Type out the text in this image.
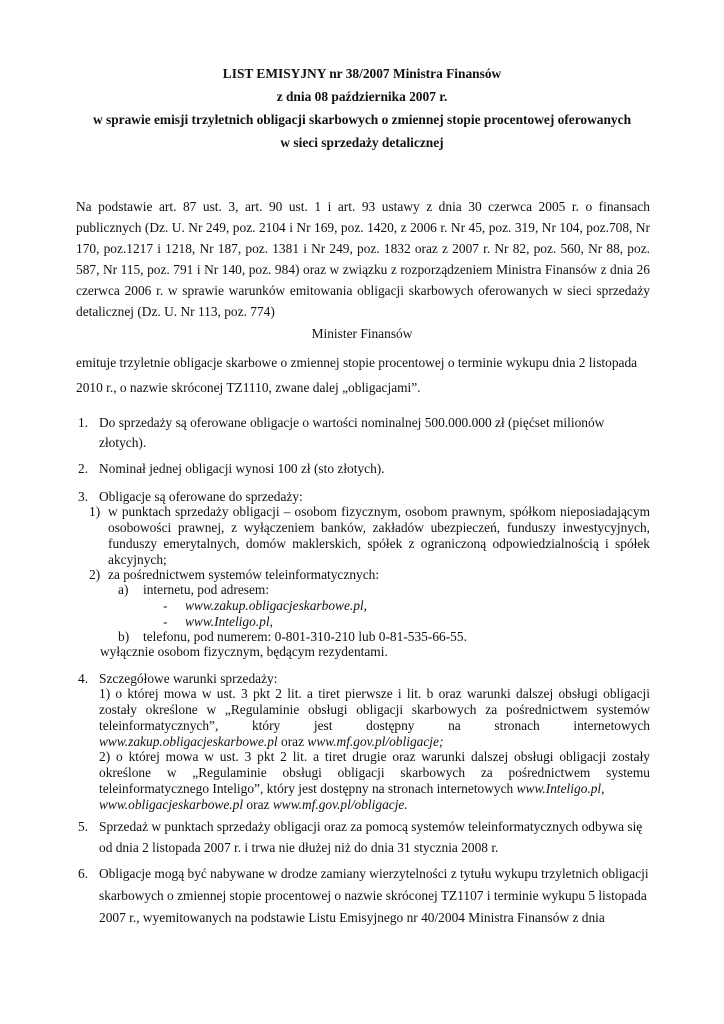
LIST EMISYJNY nr 38/2007 Ministra Finansów
z dnia 08 października 2007 r.
w sprawie emisji trzyletnich obligacji skarbowych o zmiennej stopie procentowej oferowanych
w sieci sprzedaży detalicznej
Na podstawie art. 87 ust. 3, art. 90 ust. 1 i art. 93 ustawy z dnia 30 czerwca 2005 r. o finansach
publicznych (Dz. U. Nr 249, poz. 2104 i Nr 169, poz. 1420, z 2006 r. Nr 45, poz. 319, Nr 104, poz.708, Nr
170, poz.1217 i 1218, Nr 187, poz. 1381 i Nr 249, poz. 1832 oraz z 2007 r. Nr 82, poz. 560, Nr 88, poz.
587, Nr 115, poz. 791 i Nr 140, poz. 984) oraz w związku z rozporządzeniem Ministra Finansów z dnia 26
czerwca 2006 r. w sprawie warunków emitowania obligacji skarbowych oferowanych w sieci sprzedaży
detalicznej (Dz. U. Nr 113, poz. 774)
Minister Finansów
emituje trzyletnie obligacje skarbowe o zmiennej stopie procentowej o terminie wykupu dnia 2 listopada
2010 r., o nazwie skróconej TZ1110, zwane dalej „obligacjami”.
1. Do sprzedaży są oferowane obligacje o wartości nominalnej 500.000.000 zł (pięćset milionów
złotych).
2. Nominał jednej obligacji wynosi 100 zł (sto złotych).
3. Obligacje są oferowane do sprzedaży:
1) w punktach sprzedaży obligacji – osobom fizycznym, osobom prawnym, spółkom nieposiadającym
osobowości prawnej, z wyłączeniem banków, zakładów ubezpieczeń, funduszy inwestycyjnych,
funduszy emerytalnych, domów maklerskich, spółek z ograniczoną odpowiedzialnością i spółek
akcyjnych;
2) za pośrednictwem systemów teleinformatycznych:
a) internetu, pod adresem:
- www.zakup.obligacjeskarbowe.pl,
- www.Inteligo.pl,
b) telefonu, pod numerem: 0-801-310-210 lub 0-81-535-66-55.
wyłącznie osobom fizycznym, będącym rezydentami.
4. Szczegółowe warunki sprzedaży:
1) o której mowa w ust. 3 pkt 2 lit. a tiret pierwsze i lit. b oraz warunki dalszej obsługi obligacji
zostały określone w „Regulaminie obsługi obligacji skarbowych za pośrednictwem systemów
teleinformatycznych”, który jest dostępny na stronach internetowych
www.zakup.obligacjeskarbowe.pl oraz www.mf.gov.pl/obligacje;
2) o której mowa w ust. 3 pkt 2 lit. a tiret drugie oraz warunki dalszej obsługi obligacji zostały
określone w „Regulaminie obsługi obligacji skarbowych za pośrednictwem systemu
teleinformatycznego Inteligo”, który jest dostępny na stronach internetowych www.Inteligo.pl,
www.obligacjeskarbowe.pl oraz www.mf.gov.pl/obligacje.
5. Sprzedaż w punktach sprzedaży obligacji oraz za pomocą systemów teleinformatycznych odbywa się
od dnia 2 listopada 2007 r. i trwa nie dłużej niż do dnia 31 stycznia 2008 r.
6. Obligacje mogą być nabywane w drodze zamiany wierzytelności z tytułu wykupu trzyletnich obligacji
skarbowych o zmiennej stopie procentowej o nazwie skróconej TZ1107 i terminie wykupu 5 listopada
2007 r., wyemitowanych na podstawie Listu Emisyjnego nr 40/2004 Ministra Finansów z dnia
